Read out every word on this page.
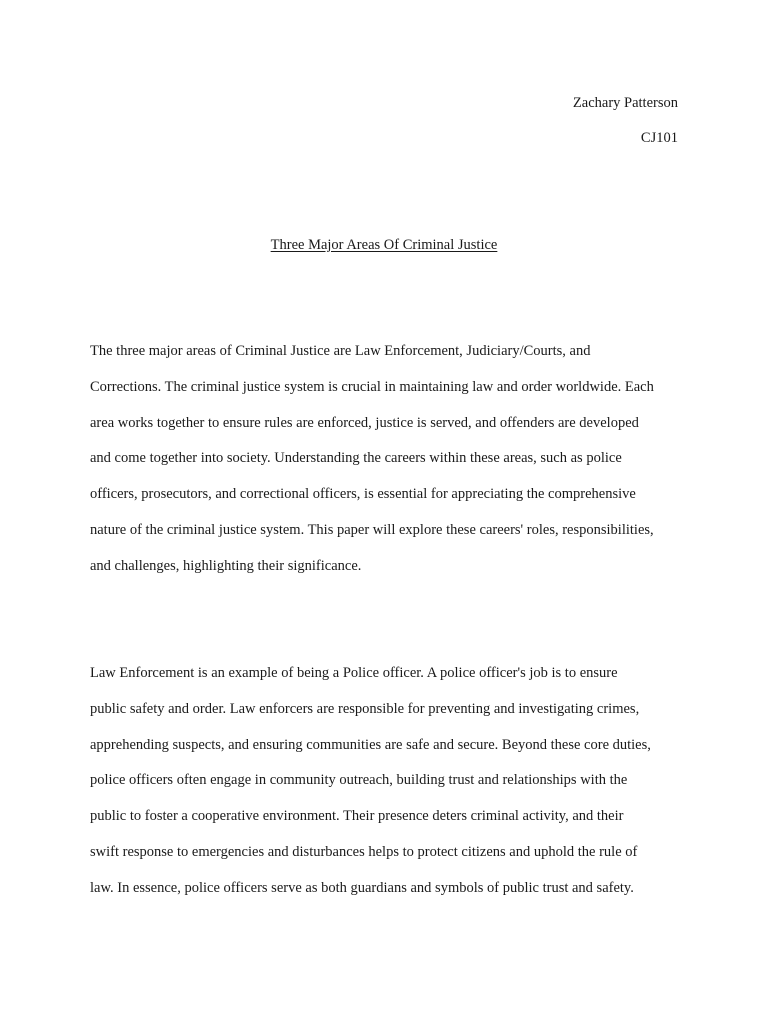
Zachary Patterson
CJ101
Three Major Areas Of Criminal Justice

The three major areas of Criminal Justice are Law Enforcement, Judiciary/Courts, and
Corrections. The criminal justice system is crucial in maintaining law and order worldwide. Each
area works together to ensure rules are enforced, justice is served, and offenders are developed
and come together into society. Understanding the careers within these areas, such as police
officers, prosecutors, and correctional officers, is essential for appreciating the comprehensive
nature of the criminal justice system. This paper will explore these careers' roles, responsibilities,
and challenges, highlighting their significance.

Law Enforcement is an example of being a Police officer. A police officer's job is to ensure
public safety and order. Law enforcers are responsible for preventing and investigating crimes,
apprehending suspects, and ensuring communities are safe and secure. Beyond these core duties,
police officers often engage in community outreach, building trust and relationships with the
public to foster a cooperative environment. Their presence deters criminal activity, and their
swift response to emergencies and disturbances helps to protect citizens and uphold the rule of
law. In essence, police officers serve as both guardians and symbols of public trust and safety.
